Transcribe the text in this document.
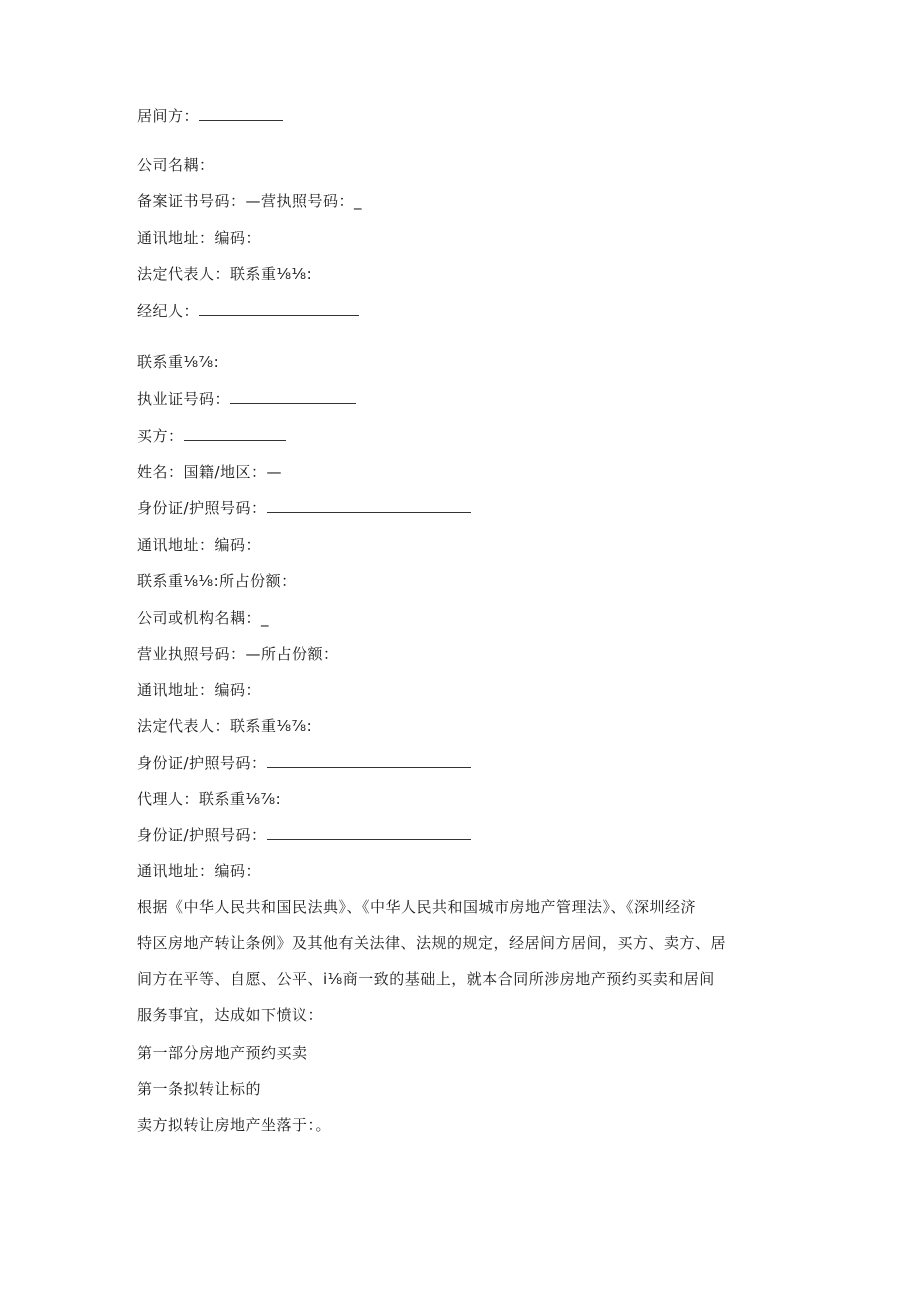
居间方：
公司名耦：
备案证书号码：—营执照号码：_
通讯地址：编码：
法定代表人：联系重⅛⅛:
经纪人：
联系重⅛⅞:
执业证号码：
买方：
姓名：国籍/地区：—
身份证/护照号码：
通讯地址：编码：
联系重⅛⅛:所占份额：
公司或机构名耦：_
营业执照号码：—所占份额：
通讯地址：编码：
法定代表人：联系重⅛⅞:
身份证/护照号码：
代理人：联系重⅛⅞:
身份证/护照号码：
通讯地址：编码：
根据《中华人民共和国民法典》、《中华人民共和国城市房地产管理法》、《深圳经济
特区房地产转让条例》及其他有关法律、法规的规定，经居间方居间，买方、卖方、居
间方在平等、自愿、公平、i⅛商一致的基础上，就本合同所涉房地产预约买卖和居间
服务事宜，达成如下愤议：
第一部分房地产预约买卖
第一条拟转让标的
卖方拟转让房地产坐落于：。
